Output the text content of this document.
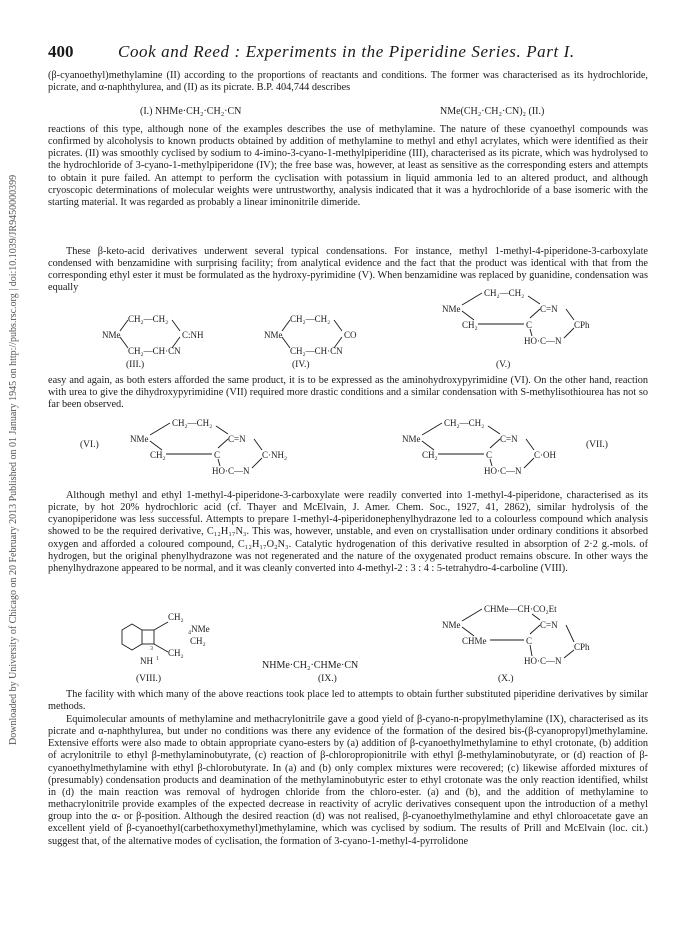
400	Cook and Reed : Experiments in the Piperidine Series. Part I.
Downloaded by University of Chicago on 20 February 2013 Published on 01 January 1945 on http://pubs.rsc.org | doi:10.1039/JR9450000399

(β-cyanoethyl)methylamine (II) according to the proportions of reactants and conditions. The former was characterised as its hydrochloride, picrate, and α-naphthylurea, and (II) as its picrate. B.P. 404,744 describes

(I.) NHMe·CH₂·CH₂·CN	NMe(CH₂·CH₂·CN)₂ (II.)

reactions of this type, although none of the examples describes the use of methylamine. The nature of these cyanoethyl compounds was confirmed by alcoholysis to known products obtained by addition of methylamine to methyl and ethyl acrylates, which were identified as their picrates. (II) was smoothly cyclised by sodium to 4-imino-3-cyano-1-methylpiperidine (III), characterised as its picrate, which was hydrolysed to the hydrochloride of 3-cyano-1-methylpiperidone (IV); the free base was, however, at least as sensitive as the corresponding esters and attempts to obtain it pure failed. An attempt to perform the cyclisation with potassium in liquid ammonia led to an altered product, and although cryoscopic determinations of molecular weights were untrustworthy, analysis indicated that it was a hydrochloride of a base isomeric with the starting material. It was regarded as probably a linear iminonitrile dimeride.

These β-keto-acid derivatives underwent several typical condensations. For instance, methyl 1-methyl-4-piperidone-3-carboxylate condensed with benzamidine with surprising facility; from analytical evidence and the fact that the product was identical with that from the corresponding ethyl ester it must be formulated as the hydroxy-pyrimidine (V). When benzamidine was replaced by guanidine, condensation was equally

CH₂—CH₂
NMe	C:NH
CH₂—CH·CN
(III.)
CH₂—CH₂
NMe	CO
CH₂—CH·CN
(IV.)
CH₂—CH₂
NMe	C=N
CH₂	C	CPh
HO·C—N
(V.)

easy and again, as both esters afforded the same product, it is to be expressed as the aminohydroxypyrimidine (VI). On the other hand, reaction with urea to give the dihydroxypyrimidine (VII) required more drastic conditions and a similar condensation with S-methylisothiourea has not so far been observed.

(VI.)
CH₂—CH₂
NMe	C=N
CH₂	C	C·NH₂
HO·C—N
CH₂—CH₂
NMe	C=N
CH₂	C	C·OH
HO·C—N
(VII.)

Although methyl and ethyl 1-methyl-4-piperidone-3-carboxylate were readily converted into 1-methyl-4-piperidone, characterised as its picrate, by hot 20% hydrochloric acid (cf. Thayer and McElvain, J. Amer. Chem. Soc., 1927, 41, 2862), similar hydrolysis of the cyanopiperidone was less successful. Attempts to prepare 1-methyl-4-piperidonephenylhydrazone led to a colourless compound which analysis showed to be the required derivative, C₁₂H₁₇N₃. This was, however, unstable, and even on crystallisation under ordinary conditions it absorbed oxygen and afforded a coloured compound, C₁₂H₁₇O₂N₃. Catalytic hydrogenation of this derivative resulted in absorption of 2·2 g.-mols. of hydrogen, but the original phenylhydrazone was not regenerated and the nature of the oxygenated product remains obscure. In other ways the phenylhydrazone appeared to be normal, and it was cleanly converted into 4-methyl-2 : 3 : 4 : 5-tetrahydro-4-carboline (VIII).

CH₂
₄NMe
CH₂
CH₂
₃
NH
₁
(VIII.)
NHMe·CH₂·CHMe·CN
(IX.)
CHMe—CH·CO₂Et
NMe	C=N
CHMe	C
CPh
HO·C—N
(X.)

The facility with which many of the above reactions took place led to attempts to obtain further substituted piperidine derivatives by similar methods.

Equimolecular amounts of methylamine and methacrylonitrile gave a good yield of β-cyano-n-propylmethylamine (IX), characterised as its picrate and α-naphthylurea, but under no conditions was there any evidence of the formation of the desired bis-(β-cyanopropyl)methylamine. Extensive efforts were also made to obtain appropriate cyano-esters by (a) addition of β-cyanoethylmethylamine to ethyl crotonate, (b) addition of acrylonitrile to ethyl β-methylaminobutyrate, (c) reaction of β-chloropropionitrile with ethyl β-methylaminobutyrate, or (d) reaction of β-cyanoethylmethylamine with ethyl β-chlorobutyrate. In (a) and (b) only complex mixtures were recovered; (c) likewise afforded mixtures of (presumably) condensation products and deamination of the methylaminobutyric ester to ethyl crotonate was the only reaction identified, whilst in (d) the main reaction was removal of hydrogen chloride from the chloro-ester. (a) and (b), and the addition of methylamine to methacrylonitrile provide examples of the expected decrease in reactivity of acrylic derivatives consequent upon the introduction of a methyl group into the α- or β-position. Although the desired reaction (d) was not realised, β-cyanoethylmethylamine and ethyl chloroacetate gave an excellent yield of β-cyanoethyl(carbethoxymethyl)methylamine, which was cyclised by sodium. The results of Prill and McElvain (loc. cit.) suggest that, of the alternative modes of cyclisation, the formation of 3-cyano-1-methyl-4-pyrrolidone
